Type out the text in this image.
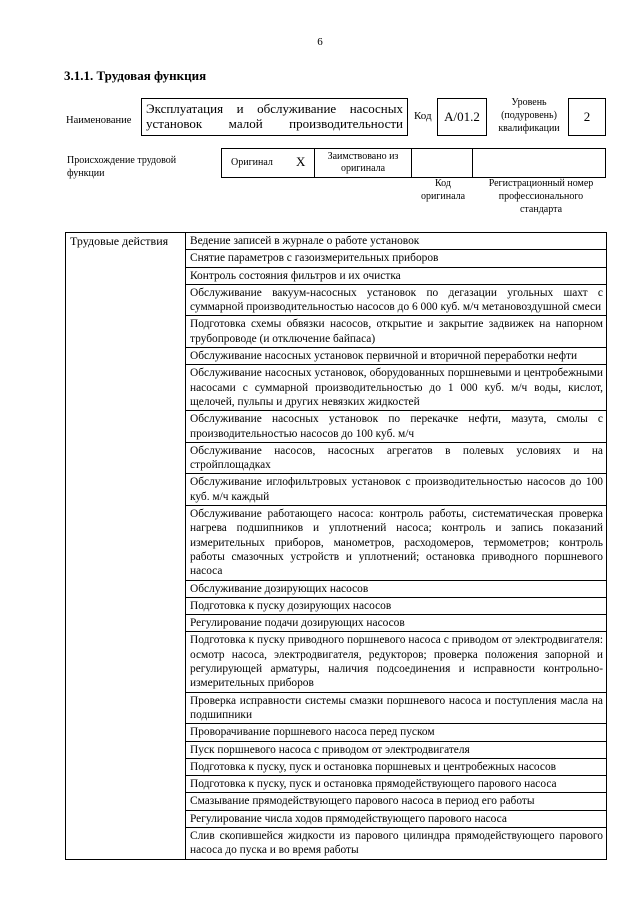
6
3.1.1. Трудовая функция
Наименование
Эксплуатация и обслуживание насосных установок малой производительности	Код А/01.2
Уровень (подуровень) квалификации
2
Происхождение трудовой функции
Оригинал X	Заимствовано из оригинала
Код оригинала
Регистрационный номер профессионального стандарта
Трудовые действия	Ведение записей в журнале о работе установок
Снятие параметров с газоизмерительных приборов
Контроль состояния фильтров и их очистка
Обслуживание вакуум-насосных установок по дегазации угольных шахт с суммарной производительностью насосов до 6 000 куб. м/ч метановоздушной смеси
Подготовка схемы обвязки насосов, открытие и закрытие задвижек на напорном трубопроводе (и отключение байпаса)
Обслуживание насосных установок первичной и вторичной переработки нефти
Обслуживание насосных установок, оборудованных поршневыми и центробежными насосами с суммарной производительностью до 1 000 куб. м/ч воды, кислот, щелочей, пульпы и других невязких жидкостей
Обслуживание насосных установок по перекачке нефти, мазута, смолы с производительностью насосов до 100 куб. м/ч
Обслуживание насосов, насосных агрегатов в полевых условиях и на стройплощадках
Обслуживание иглофильтровых установок с производительностью насосов до 100 куб. м/ч каждый
Обслуживание работающего насоса: контроль работы, систематическая проверка нагрева подшипников и уплотнений насоса; контроль и запись показаний измерительных приборов, манометров, расходомеров, термометров; контроль работы смазочных устройств и уплотнений; остановка приводного поршневого насоса
Обслуживание дозирующих насосов
Подготовка к пуску дозирующих насосов
Регулирование подачи дозирующих насосов
Подготовка к пуску приводного поршневого насоса с приводом от электродвигателя: осмотр насоса, электродвигателя, редукторов; проверка положения запорной и регулирующей арматуры, наличия подсоединения и исправности контрольно-измерительных приборов
Проверка исправности системы смазки поршневого насоса и поступления масла на подшипники
Проворачивание поршневого насоса перед пуском
Пуск поршневого насоса с приводом от электродвигателя
Подготовка к пуску, пуск и остановка поршневых и центробежных насосов
Подготовка к пуску, пуск и остановка прямодействующего парового насоса
Смазывание прямодействующего парового насоса в период его работы
Регулирование числа ходов прямодействующего парового насоса
Слив скопившейся жидкости из парового цилиндра прямодействующего парового насоса до пуска и во время работы
